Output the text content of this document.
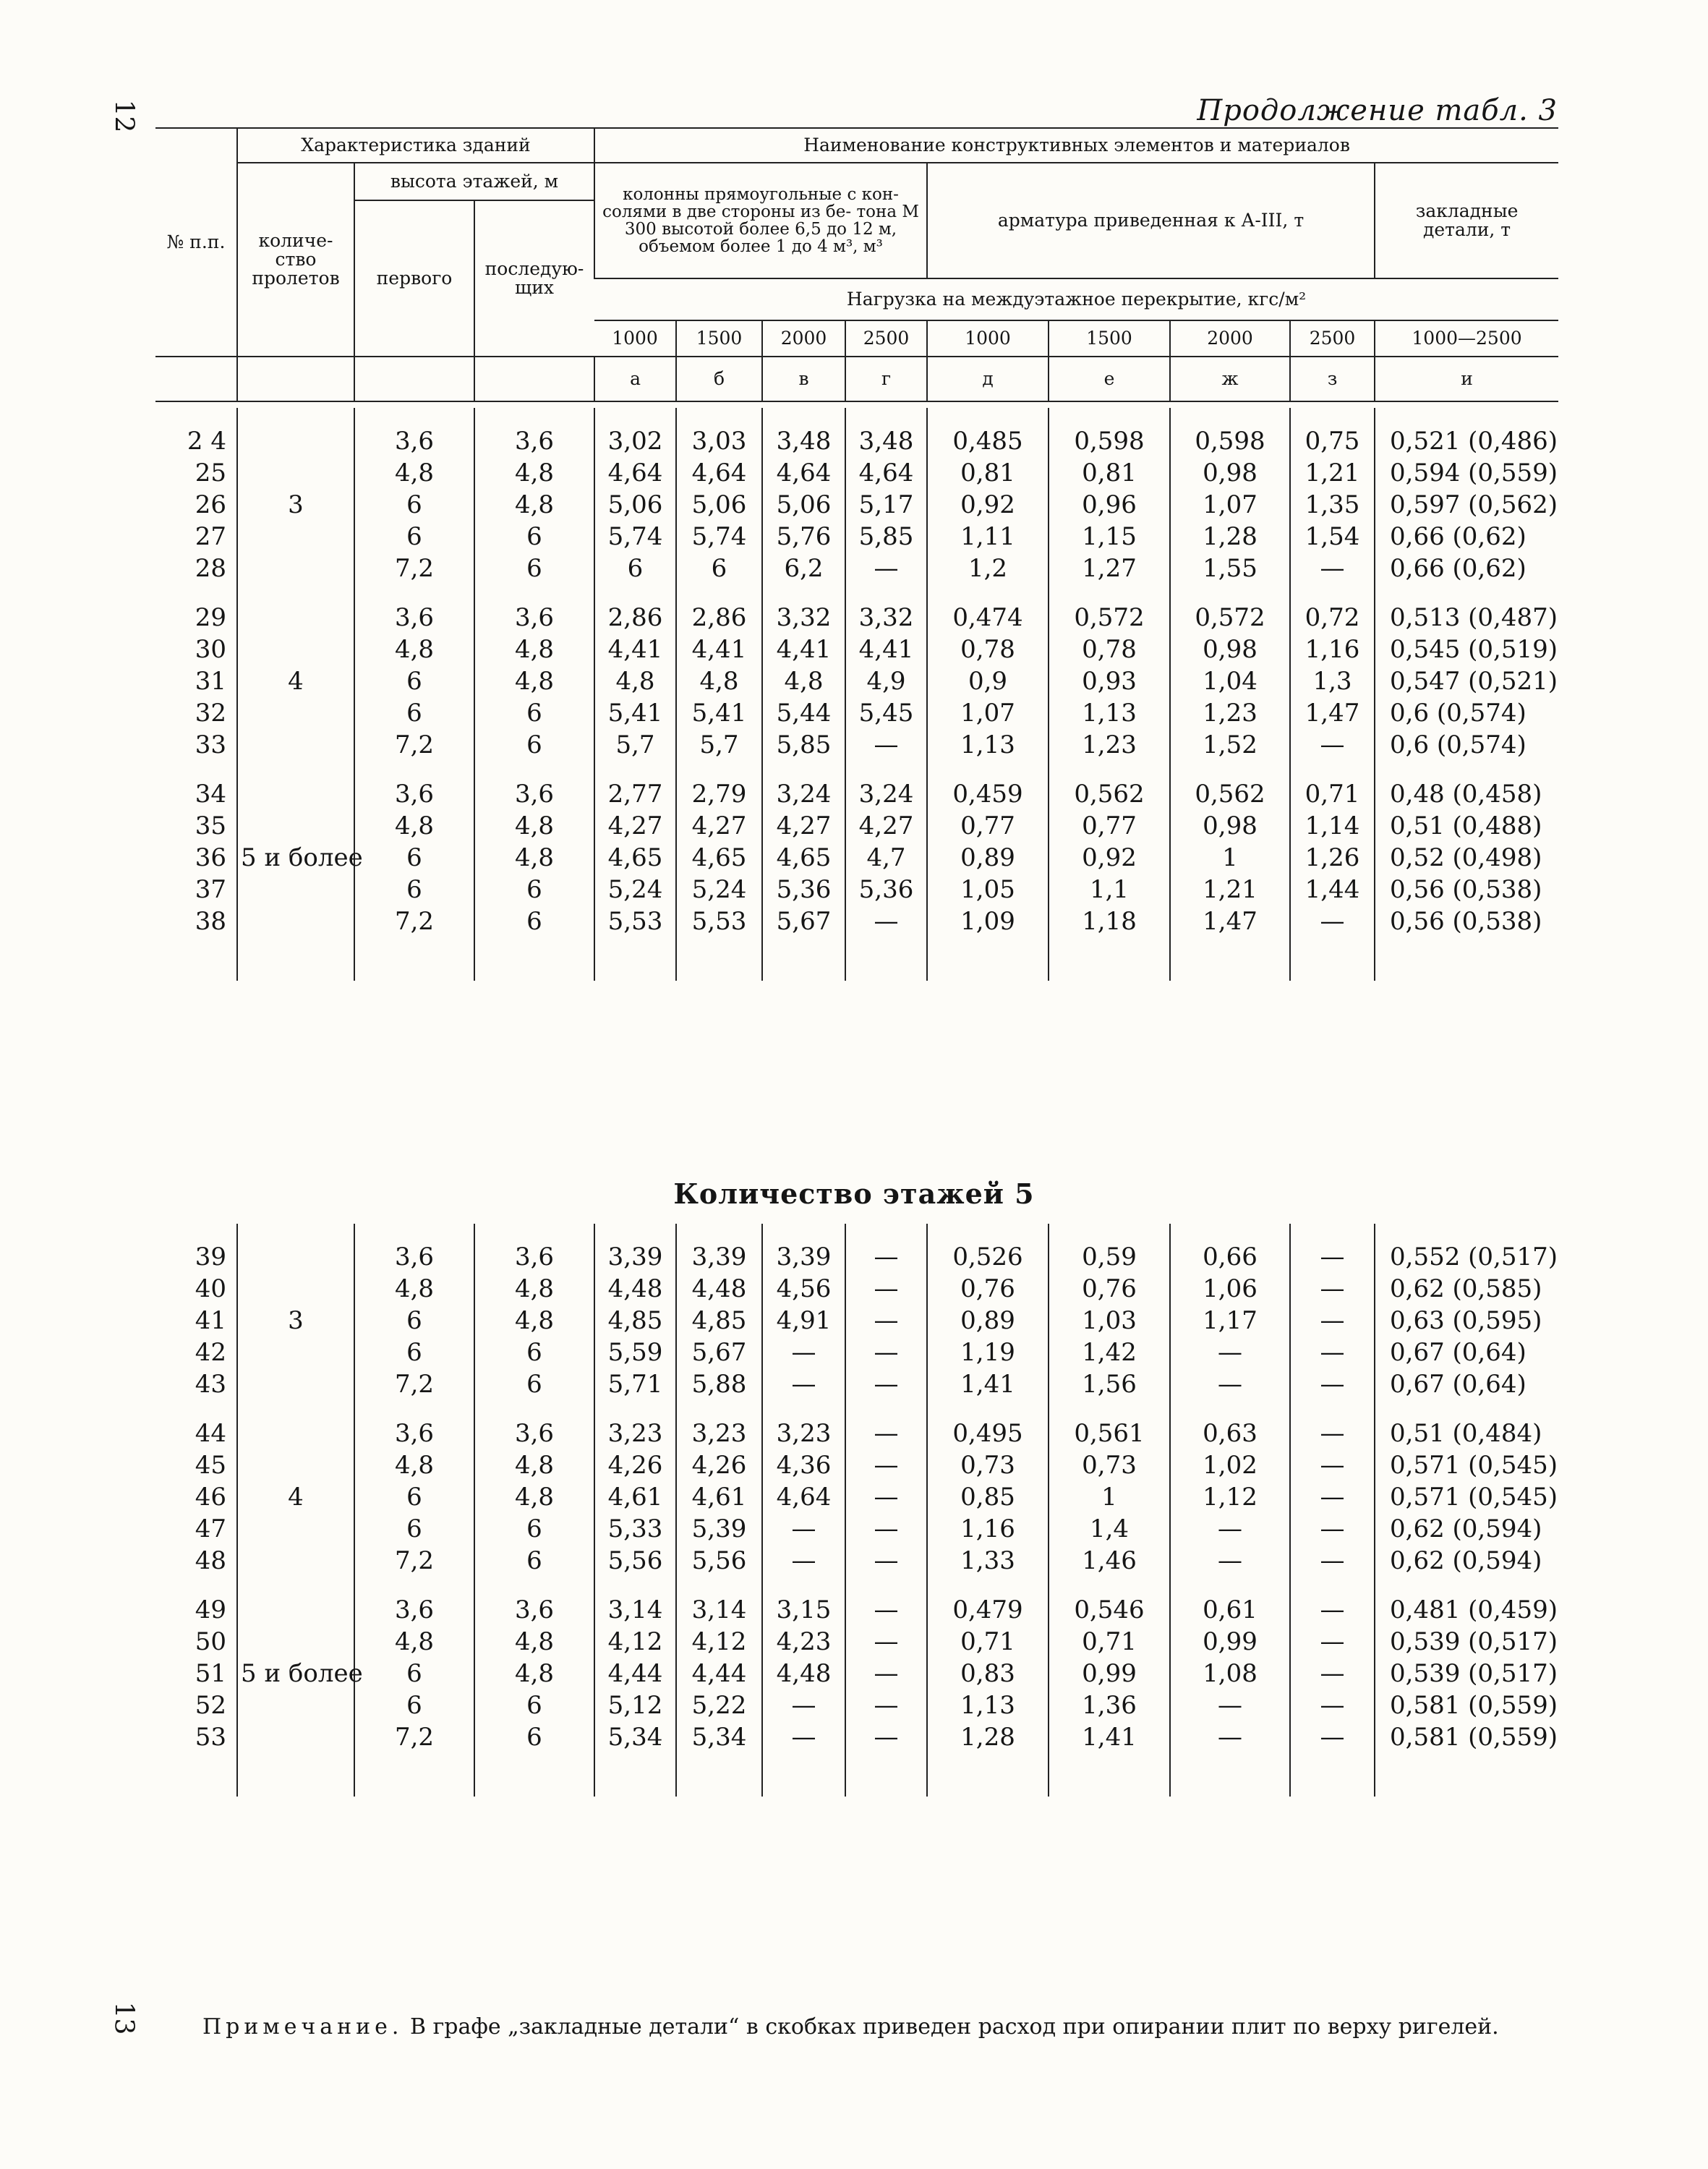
12	Продолжение табл. 3
№ п.п.	Характеристика зданий			Наименование конструктивных элементов и материалов								
	количе- ство пролетов	высота этажей, м		колонны прямоугольные с кон- солями в две стороны из бе- тона М 300 высотой более 6,5 до 12 м, объемом более 1 до 4 м³, м³				арматура приведенная к А-III, т				закладные детали, т
		первого	последую- щих									
				Нагрузка на междуэтажное перекрытие, кгс/м²								
				1000	1500	2000	2500	1000	1500	2000	2500	1000—2500
				а	б	в	г	д	е	ж	з	и

2 4	3	3,6	3,6	3,02	3,03	3,48	3,48	0,485	0,598	0,598	0,75	0,521 (0,486)
25		4,8	4,8	4,64	4,64	4,64	4,64	0,81	0,81	0,98	1,21	0,594 (0,559)
26		6	4,8	5,06	5,06	5,06	5,17	0,92	0,96	1,07	1,35	0,597 (0,562)
27		6	6	5,74	5,74	5,76	5,85	1,11	1,15	1,28	1,54	0,66 (0,62)
28		7,2	6	6	6	6,2	—	1,2	1,27	1,55	—	0,66 (0,62)

29	4	3,6	3,6	2,86	2,86	3,32	3,32	0,474	0,572	0,572	0,72	0,513 (0,487)
30		4,8	4,8	4,41	4,41	4,41	4,41	0,78	0,78	0,98	1,16	0,545 (0,519)
31		6	4,8	4,8	4,8	4,8	4,9	0,9	0,93	1,04	1,3	0,547 (0,521)
32		6	6	5,41	5,41	5,44	5,45	1,07	1,13	1,23	1,47	0,6 (0,574)
33		7,2	6	5,7	5,7	5,85	—	1,13	1,23	1,52	—	0,6 (0,574)

34	5 и более	3,6	3,6	2,77	2,79	3,24	3,24	0,459	0,562	0,562	0,71	0,48 (0,458)
35		4,8	4,8	4,27	4,27	4,27	4,27	0,77	0,77	0,98	1,14	0,51 (0,488)
36		6	4,8	4,65	4,65	4,65	4,7	0,89	0,92	1	1,26	0,52 (0,498)
37		6	6	5,24	5,24	5,36	5,36	1,05	1,1	1,21	1,44	0,56 (0,538)
38		7,2	6	5,53	5,53	5,67	—	1,09	1,18	1,47	—	0,56 (0,538)

Количество этажей 5

39	3	3,6	3,6	3,39	3,39	3,39	—	0,526	0,59	0,66	—	0,552 (0,517)
40		4,8	4,8	4,48	4,48	4,56	—	0,76	0,76	1,06	—	0,62 (0,585)
41		6	4,8	4,85	4,85	4,91	—	0,89	1,03	1,17	—	0,63 (0,595)
42		6	6	5,59	5,67	—	—	1,19	1,42	—	—	0,67 (0,64)
43		7,2	6	5,71	5,88	—	—	1,41	1,56	—	—	0,67 (0,64)

44	4	3,6	3,6	3,23	3,23	3,23	—	0,495	0,561	0,63	—	0,51 (0,484)
45		4,8	4,8	4,26	4,26	4,36	—	0,73	0,73	1,02	—	0,571 (0,545)
46		6	4,8	4,61	4,61	4,64	—	0,85	1	1,12	—	0,571 (0,545)
47		6	6	5,33	5,39	—	—	1,16	1,4	—	—	0,62 (0,594)
48		7,2	6	5,56	5,56	—	—	1,33	1,46	—	—	0,62 (0,594)

49	5 и более	3,6	3,6	3,14	3,14	3,15	—	0,479	0,546	0,61	—	0,481 (0,459)
50		4,8	4,8	4,12	4,12	4,23	—	0,71	0,71	0,99	—	0,539 (0,517)
51		6	4,8	4,44	4,44	4,48	—	0,83	0,99	1,08	—	0,539 (0,517)
52		6	6	5,12	5,22	—	—	1,13	1,36	—	—	0,581 (0,559)
53		7,2	6	5,34	5,34	—	—	1,28	1,41	—	—	0,581 (0,559)

Примечание. В графе „закладные детали“ в скобках приведен расход при опирании плит по верху ригелей.
13
